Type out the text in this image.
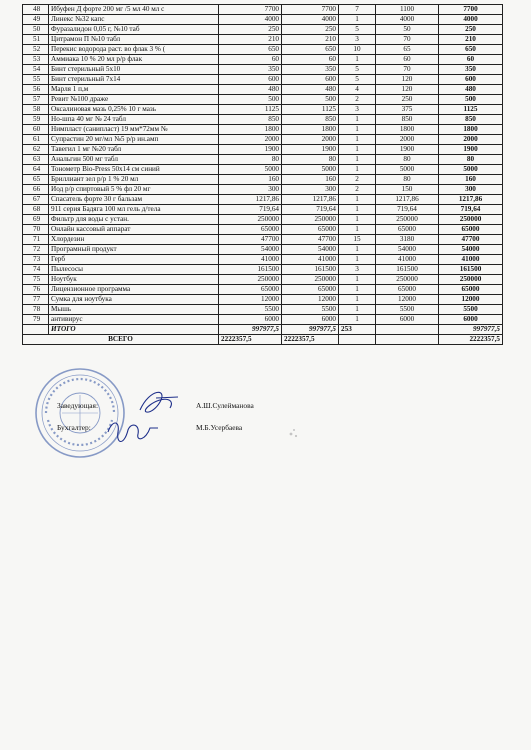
48	Ибуфен Д форте 200 мг /5 мл 40 мл с	7700	7700	7	1100	7700
49	Линекс №32 капс	4000	4000	1	4000	4000
50	Фуразалидон 0,05 г, №10 таб	250	250	5	50	250
51	Цитрамон П №10 табл	210	210	3	70	210
52	Перекис водорода раст. во флак 3 % (	650	650	10	65	650
53	Аммиака 10 % 20 мл р/р флак	60	60	1	60	60
54	Бинт стерильный 5х10	350	350	5	70	350
55	Бинт стерильный 7х14	600	600	5	120	600
56	Марля 1 п,м	480	480	4	120	480
57	Ревит №100 драже	500	500	2	250	500
58	Оксалиновая мазь 0,25% 10 г мазь	1125	1125	3	375	1125
59	Но-шпа 40 мг № 24 табл	850	850	1	850	850
60	Нимпласт (саниплаcт) 19 мм*72мм №	1800	1800	1	1800	1800
61	Супрастин 20 мг/мл №5 р/р ин.амп	2000	2000	1	2000	2000
62	Тавегил 1 мг №20 табл	1900	1900	1	1900	1900
63	Анальгин 500 мг табл	80	80	1	80	80
64	Тонометр Bio-Press 50х14 см синий	5000	5000	1	5000	5000
65	Бриллиант зел р/р 1 % 20 мл	160	160	2	80	160
66	Иод р/р спиртовый 5 % фл 20 мг	300	300	2	150	300
67	Спасатель форте 30 г бальзам	1217,86	1217,86	1	1217,86	1217,86
68	911 серия Бадяга 100 мл гель д/тела	719,64	719,64	1	719,64	719,64
69	Фильтр для воды с устан.	250000	250000	1	250000	250000
70	Онлайн кассовый аппарат	65000	65000	1	65000	65000
71	Хлордезин	47700	47700	15	3180	47700
72	Програмный продукт	54000	54000	1	54000	54000
73	Герб	41000	41000	1	41000	41000
74	Пылесосы	161500	161500	3	161500	161500
75	Ноутбук	250000	250000	1	250000	250000
76	Лицензионное программа	65000	65000	1	65000	65000
77	Сумка для ноутбука	12000	12000	1	12000	12000
78	Мышь	5500	5500	1	5500	5500
79	антивирус	6000	6000	1	6000	6000
	ИТОГО	997977,5	997977,5	253		997977,5
ВСЕГО		2222357,5	2222357,5			2222357,5
Заведующая:	А.Ш.Сулейманова
Бухгалтер:	М.Б.Усербаева
